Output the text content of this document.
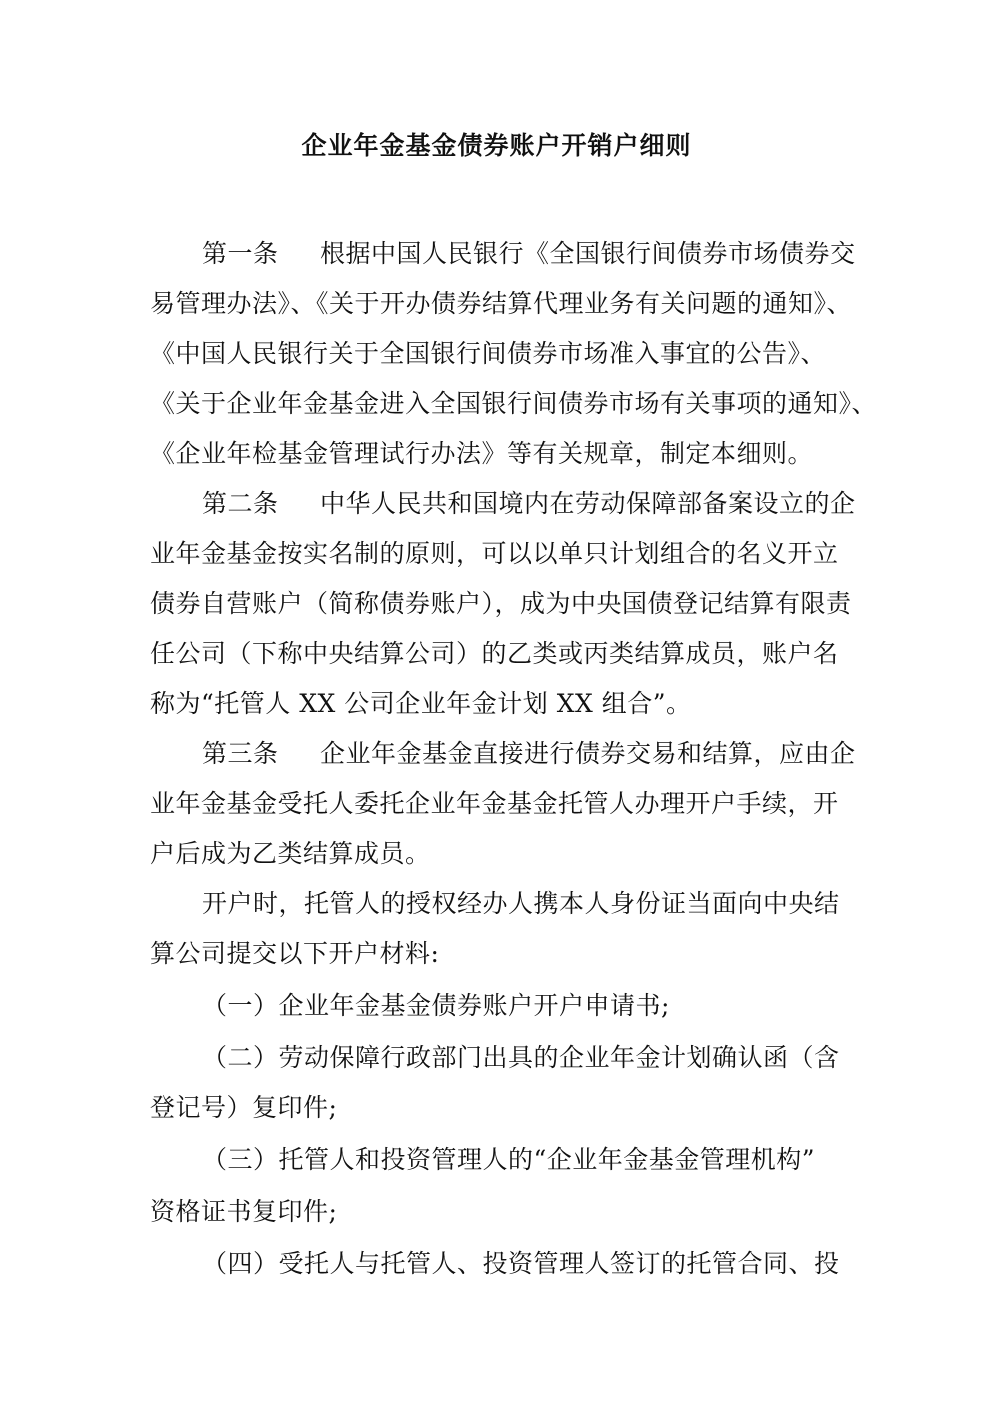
企业年金基金债券账户开销户细则
第一条 根据中国人民银行《全国银行间债券市场债券交
易管理办法》、《关于开办债券结算代理业务有关问题的通知》、
《中国人民银行关于全国银行间债券市场准入事宜的公告》、
《关于企业年金基金进入全国银行间债券市场有关事项的通知》、
《企业年检基金管理试行办法》等有关规章，制定本细则。
第二条 中华人民共和国境内在劳动保障部备案设立的企
业年金基金按实名制的原则，可以以单只计划组合的名义开立
债券自营账户（简称债券账户），成为中央国债登记结算有限责
任公司（下称中央结算公司）的乙类或丙类结算成员，账户名
称为“托管人 XX 公司企业年金计划 XX 组合”。
第三条 企业年金基金直接进行债券交易和结算，应由企
业年金基金受托人委托企业年金基金托管人办理开户手续，开
户后成为乙类结算成员。
开户时，托管人的授权经办人携本人身份证当面向中央结
算公司提交以下开户材料:
（一）企业年金基金债券账户开户申请书;
（二）劳动保障行政部门出具的企业年金计划确认函（含
登记号）复印件;
（三）托管人和投资管理人的“企业年金基金管理机构”
资格证书复印件;
（四）受托人与托管人、投资管理人签订的托管合同、投
